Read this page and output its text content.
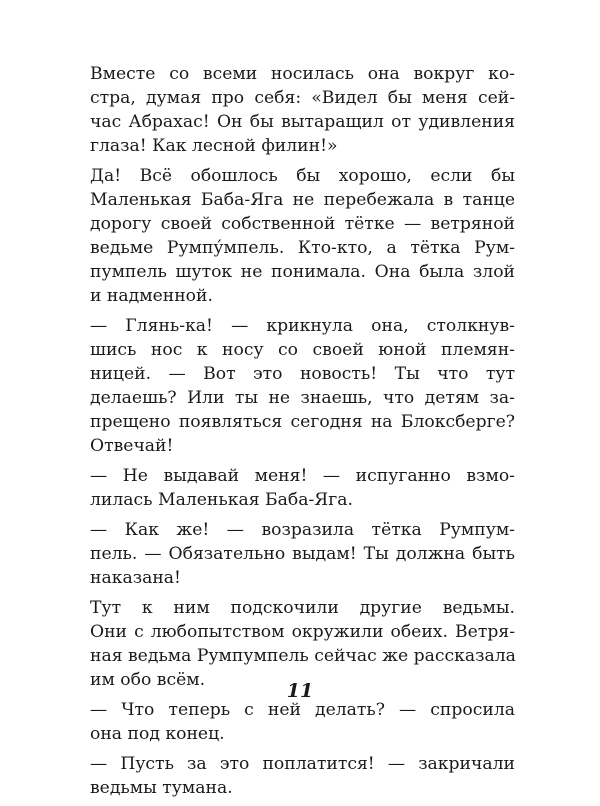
Вместе со всеми носилась она вокруг ко-
стра, думая про себя: «Видел бы меня сей-
час Абрахас! Он бы вытаращил от удивления
глаза! Как лесной филин!»
Да! Всё обошлось бы хорошо, если бы
Маленькая Баба-Яга не перебежала в танце
дорогу своей собственной тётке — ветряной
ведьме Румпу́мпель. Кто-кто, а тётка Рум-
пумпель шуток не понимала. Она была злой
и надменной.
— Глянь-ка! — крикнула она, столкнув-
шись нос к носу со своей юной племян-
ницей. — Вот это новость! Ты что тут
делаешь? Или ты не знаешь, что детям за-
прещено появляться сегодня на Блоксберге?
Отвечай!
— Не выдавай меня! — испуганно взмо-
лилась Маленькая Баба-Яга.
— Как же! — возразила тётка Румпум-
пель. — Обязательно выдам! Ты должна быть
наказана!
Тут к ним подскочили другие ведьмы.
Они с любопытством окружили обеих. Ветря-
ная ведьма Румпумпель сейчас же рассказала
им обо всём.
— Что теперь с ней делать? — спросила
она под конец.
— Пусть за это поплатится! — закричали
ведьмы тумана.
11
